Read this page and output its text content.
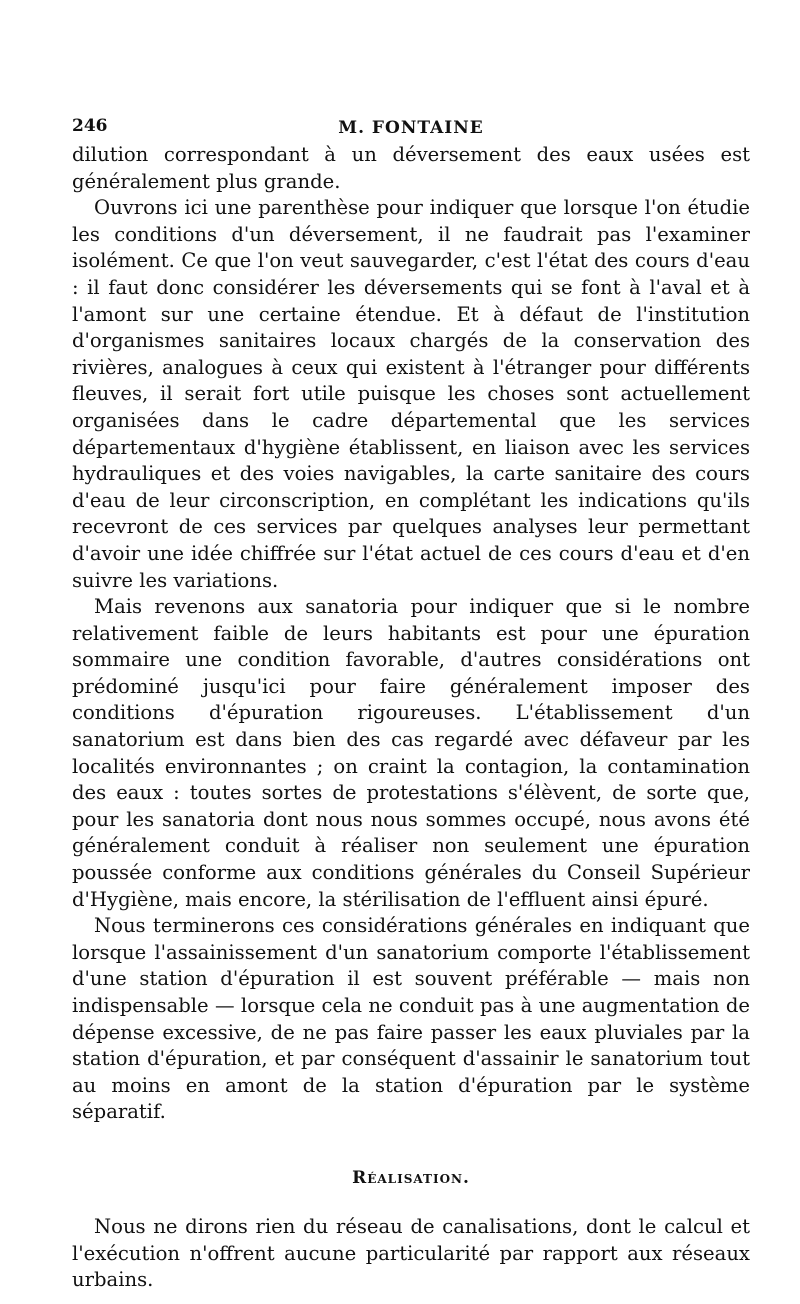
246	M. FONTAINE

dilution correspondant à un déversement des eaux usées est généralement plus grande.

Ouvrons ici une parenthèse pour indiquer que lorsque l'on étudie les conditions d'un déversement, il ne faudrait pas l'examiner isolément. Ce que l'on veut sauvegarder, c'est l'état des cours d'eau : il faut donc considérer les déversements qui se font à l'aval et à l'amont sur une certaine étendue. Et à défaut de l'institution d'organismes sanitaires locaux chargés de la conservation des rivières, analogues à ceux qui existent à l'étranger pour différents fleuves, il serait fort utile puisque les choses sont actuellement organisées dans le cadre départemental que les services départementaux d'hygiène établissent, en liaison avec les services hydrauliques et des voies navigables, la carte sanitaire des cours d'eau de leur circonscription, en complétant les indications qu'ils recevront de ces services par quelques analyses leur permettant d'avoir une idée chiffrée sur l'état actuel de ces cours d'eau et d'en suivre les variations.

Mais revenons aux sanatoria pour indiquer que si le nombre relativement faible de leurs habitants est pour une épuration sommaire une condition favorable, d'autres considérations ont prédominé jusqu'ici pour faire généralement imposer des conditions d'épuration rigoureuses. L'établissement d'un sanatorium est dans bien des cas regardé avec défaveur par les localités environnantes ; on craint la contagion, la contamination des eaux : toutes sortes de protestations s'élèvent, de sorte que, pour les sanatoria dont nous nous sommes occupé, nous avons été généralement conduit à réaliser non seulement une épuration poussée conforme aux conditions générales du Conseil Supérieur d'Hygiène, mais encore, la stérilisation de l'effluent ainsi épuré.

Nous terminerons ces considérations générales en indiquant que lorsque l'assainissement d'un sanatorium comporte l'établissement d'une station d'épuration il est souvent préférable — mais non indispensable — lorsque cela ne conduit pas à une augmentation de dépense excessive, de ne pas faire passer les eaux pluviales par la station d'épuration, et par conséquent d'assainir le sanatorium tout au moins en amont de la station d'épuration par le système séparatif.

Réalisation.

Nous ne dirons rien du réseau de canalisations, dont le calcul et l'exécution n'offrent aucune particularité par rapport aux réseaux urbains.
